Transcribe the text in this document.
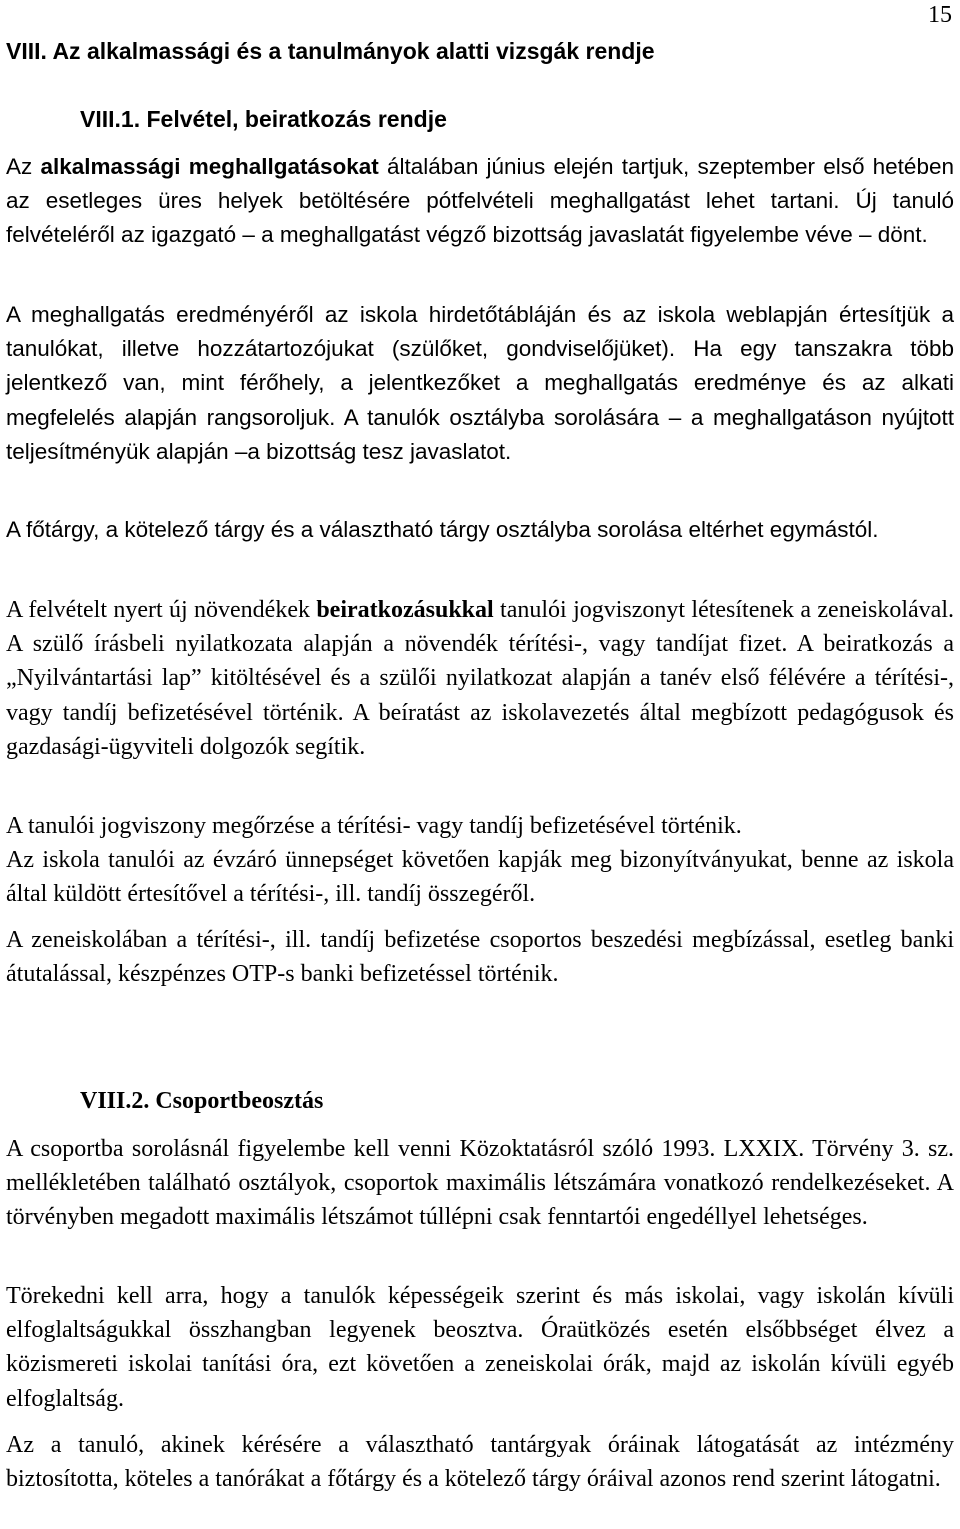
15
VIII. Az alkalmassági és a tanulmányok alatti vizsgák rendje
VIII.1. Felvétel, beiratkozás rendje

Az alkalmassági meghallgatásokat általában június elején tartjuk, szeptember első hetében az esetleges üres helyek betöltésére pótfelvételi meghallgatást lehet tartani. Új tanuló felvételéről az igazgató – a meghallgatást végző bizottság javaslatát figyelembe véve – dönt.

A meghallgatás eredményéről az iskola hirdetőtábláján és az iskola weblapján értesítjük a tanulókat, illetve hozzátartozójukat (szülőket, gondviselőjüket). Ha egy tanszakra több jelentkező van, mint férőhely, a jelentkezőket a meghallgatás eredménye és az alkati megfelelés alapján rangsoroljuk. A tanulók osztályba sorolására – a meghallgatáson nyújtott teljesítményük alapján –a bizottság tesz javaslatot.

A főtárgy, a kötelező tárgy és a választható tárgy osztályba sorolása eltérhet egymástól.

A felvételt nyert új növendékek beiratkozásukkal tanulói jogviszonyt létesítenek a zeneiskolával. A szülő írásbeli nyilatkozata alapján a növendék térítési-, vagy tandíjat fizet. A beiratkozás a „Nyilvántartási lap” kitöltésével és a szülői nyilatkozat alapján a tanév első félévére a térítési-, vagy tandíj befizetésével történik. A beíratást az iskolavezetés által megbízott pedagógusok és gazdasági-ügyviteli dolgozók segítik.

A tanulói jogviszony megőrzése a térítési- vagy tandíj befizetésével történik.

Az iskola tanulói az évzáró ünnepséget követően kapják meg bizonyítványukat, benne az iskola által küldött értesítővel a térítési-, ill. tandíj összegéről.

A zeneiskolában a térítési-, ill. tandíj befizetése csoportos beszedési megbízással, esetleg banki átutalással, készpénzes OTP-s banki befizetéssel történik.

VIII.2. Csoportbeosztás

A csoportba sorolásnál figyelembe kell venni Közoktatásról szóló 1993. LXXIX. Törvény 3. sz. mellékletében található osztályok, csoportok maximális létszámára vonatkozó rendelkezéseket. A törvényben megadott maximális létszámot túllépni csak fenntartói engedéllyel lehetséges.

Törekedni kell arra, hogy a tanulók képességeik szerint és más iskolai, vagy iskolán kívüli elfoglaltságukkal összhangban legyenek beosztva. Óraütközés esetén elsőbbséget élvez a közismereti iskolai tanítási óra, ezt követően a zeneiskolai órák, majd az iskolán kívüli egyéb elfoglaltság.

Az a tanuló, akinek kérésére a választható tantárgyak óráinak látogatását az intézmény biztosította, köteles a tanórákat a főtárgy és a kötelező tárgy óráival azonos rend szerint látogatni.
